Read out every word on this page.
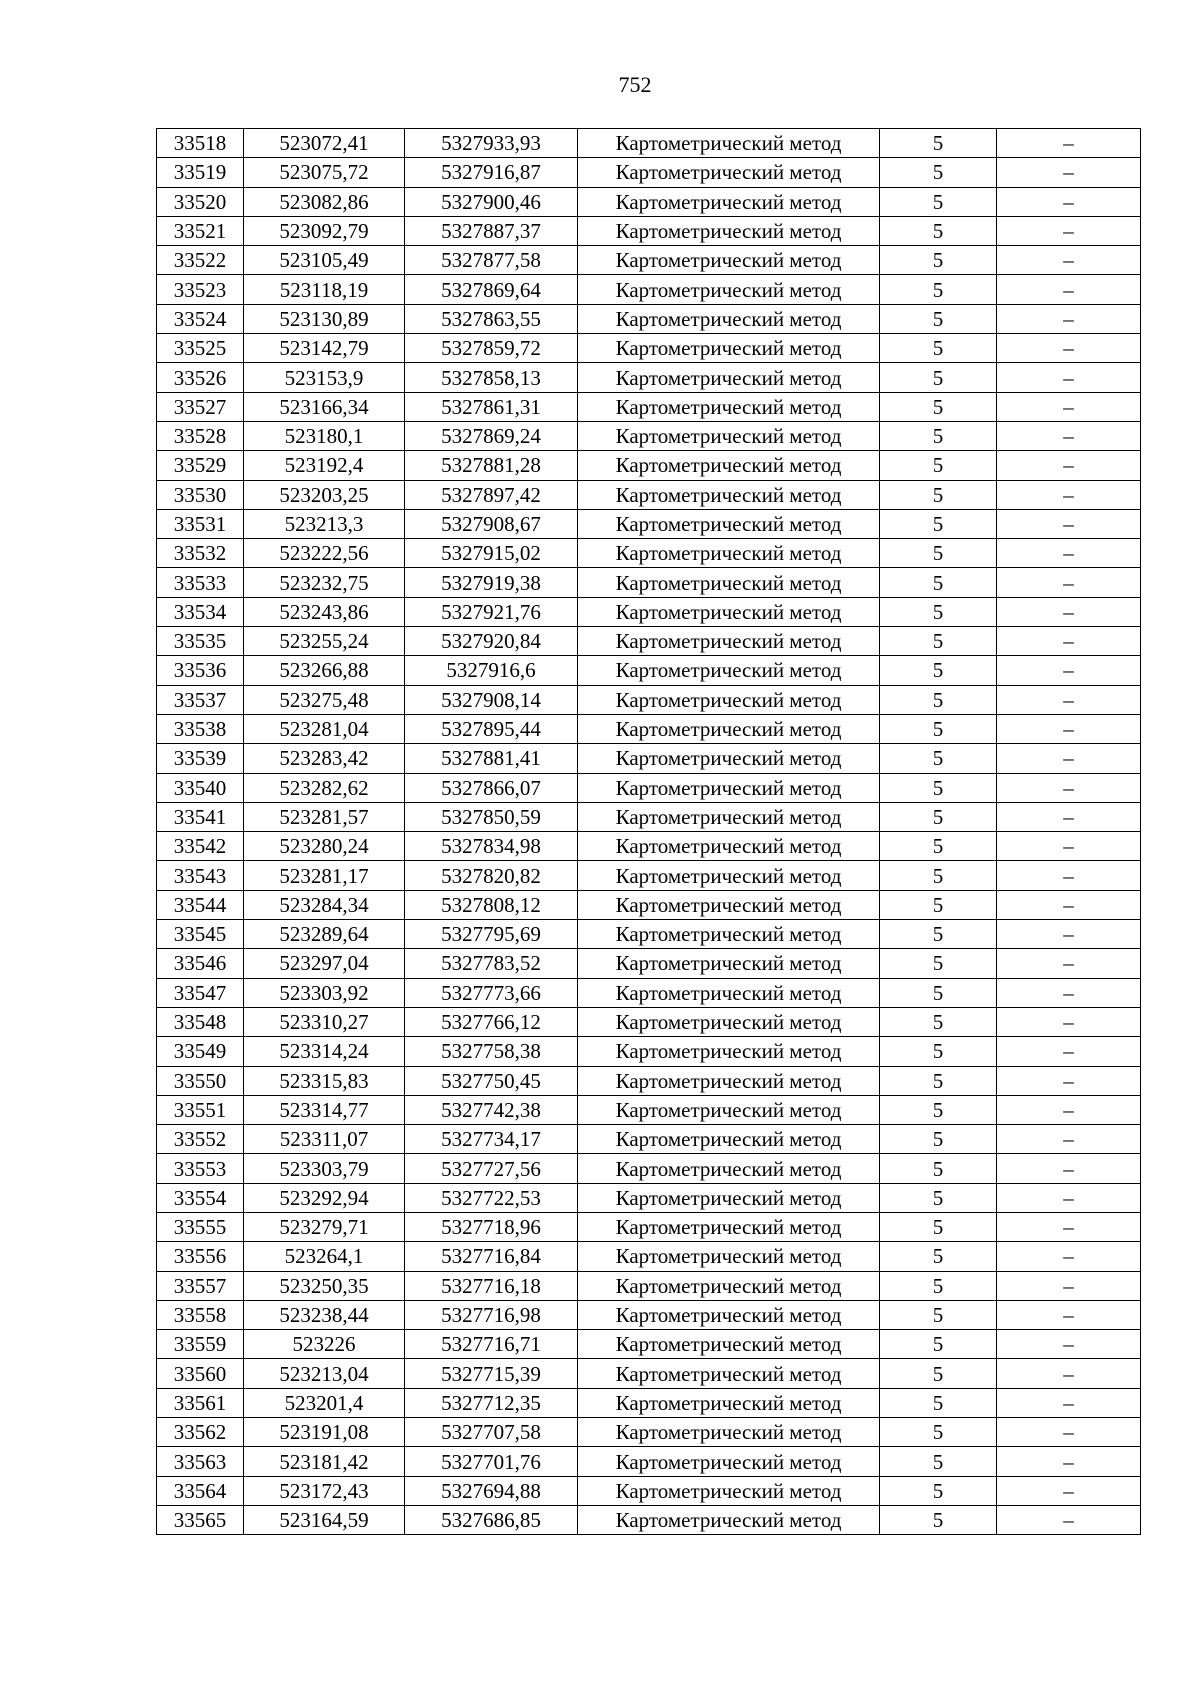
752
33518	523072,41	5327933,93	Картометрический метод	5	–
33519	523075,72	5327916,87	Картометрический метод	5	–
33520	523082,86	5327900,46	Картометрический метод	5	–
33521	523092,79	5327887,37	Картометрический метод	5	–
33522	523105,49	5327877,58	Картометрический метод	5	–
33523	523118,19	5327869,64	Картометрический метод	5	–
33524	523130,89	5327863,55	Картометрический метод	5	–
33525	523142,79	5327859,72	Картометрический метод	5	–
33526	523153,9	5327858,13	Картометрический метод	5	–
33527	523166,34	5327861,31	Картометрический метод	5	–
33528	523180,1	5327869,24	Картометрический метод	5	–
33529	523192,4	5327881,28	Картометрический метод	5	–
33530	523203,25	5327897,42	Картометрический метод	5	–
33531	523213,3	5327908,67	Картометрический метод	5	–
33532	523222,56	5327915,02	Картометрический метод	5	–
33533	523232,75	5327919,38	Картометрический метод	5	–
33534	523243,86	5327921,76	Картометрический метод	5	–
33535	523255,24	5327920,84	Картометрический метод	5	–
33536	523266,88	5327916,6	Картометрический метод	5	–
33537	523275,48	5327908,14	Картометрический метод	5	–
33538	523281,04	5327895,44	Картометрический метод	5	–
33539	523283,42	5327881,41	Картометрический метод	5	–
33540	523282,62	5327866,07	Картометрический метод	5	–
33541	523281,57	5327850,59	Картометрический метод	5	–
33542	523280,24	5327834,98	Картометрический метод	5	–
33543	523281,17	5327820,82	Картометрический метод	5	–
33544	523284,34	5327808,12	Картометрический метод	5	–
33545	523289,64	5327795,69	Картометрический метод	5	–
33546	523297,04	5327783,52	Картометрический метод	5	–
33547	523303,92	5327773,66	Картометрический метод	5	–
33548	523310,27	5327766,12	Картометрический метод	5	–
33549	523314,24	5327758,38	Картометрический метод	5	–
33550	523315,83	5327750,45	Картометрический метод	5	–
33551	523314,77	5327742,38	Картометрический метод	5	–
33552	523311,07	5327734,17	Картометрический метод	5	–
33553	523303,79	5327727,56	Картометрический метод	5	–
33554	523292,94	5327722,53	Картометрический метод	5	–
33555	523279,71	5327718,96	Картометрический метод	5	–
33556	523264,1	5327716,84	Картометрический метод	5	–
33557	523250,35	5327716,18	Картометрический метод	5	–
33558	523238,44	5327716,98	Картометрический метод	5	–
33559	523226	5327716,71	Картометрический метод	5	–
33560	523213,04	5327715,39	Картометрический метод	5	–
33561	523201,4	5327712,35	Картометрический метод	5	–
33562	523191,08	5327707,58	Картометрический метод	5	–
33563	523181,42	5327701,76	Картометрический метод	5	–
33564	523172,43	5327694,88	Картометрический метод	5	–
33565	523164,59	5327686,85	Картометрический метод	5	–
